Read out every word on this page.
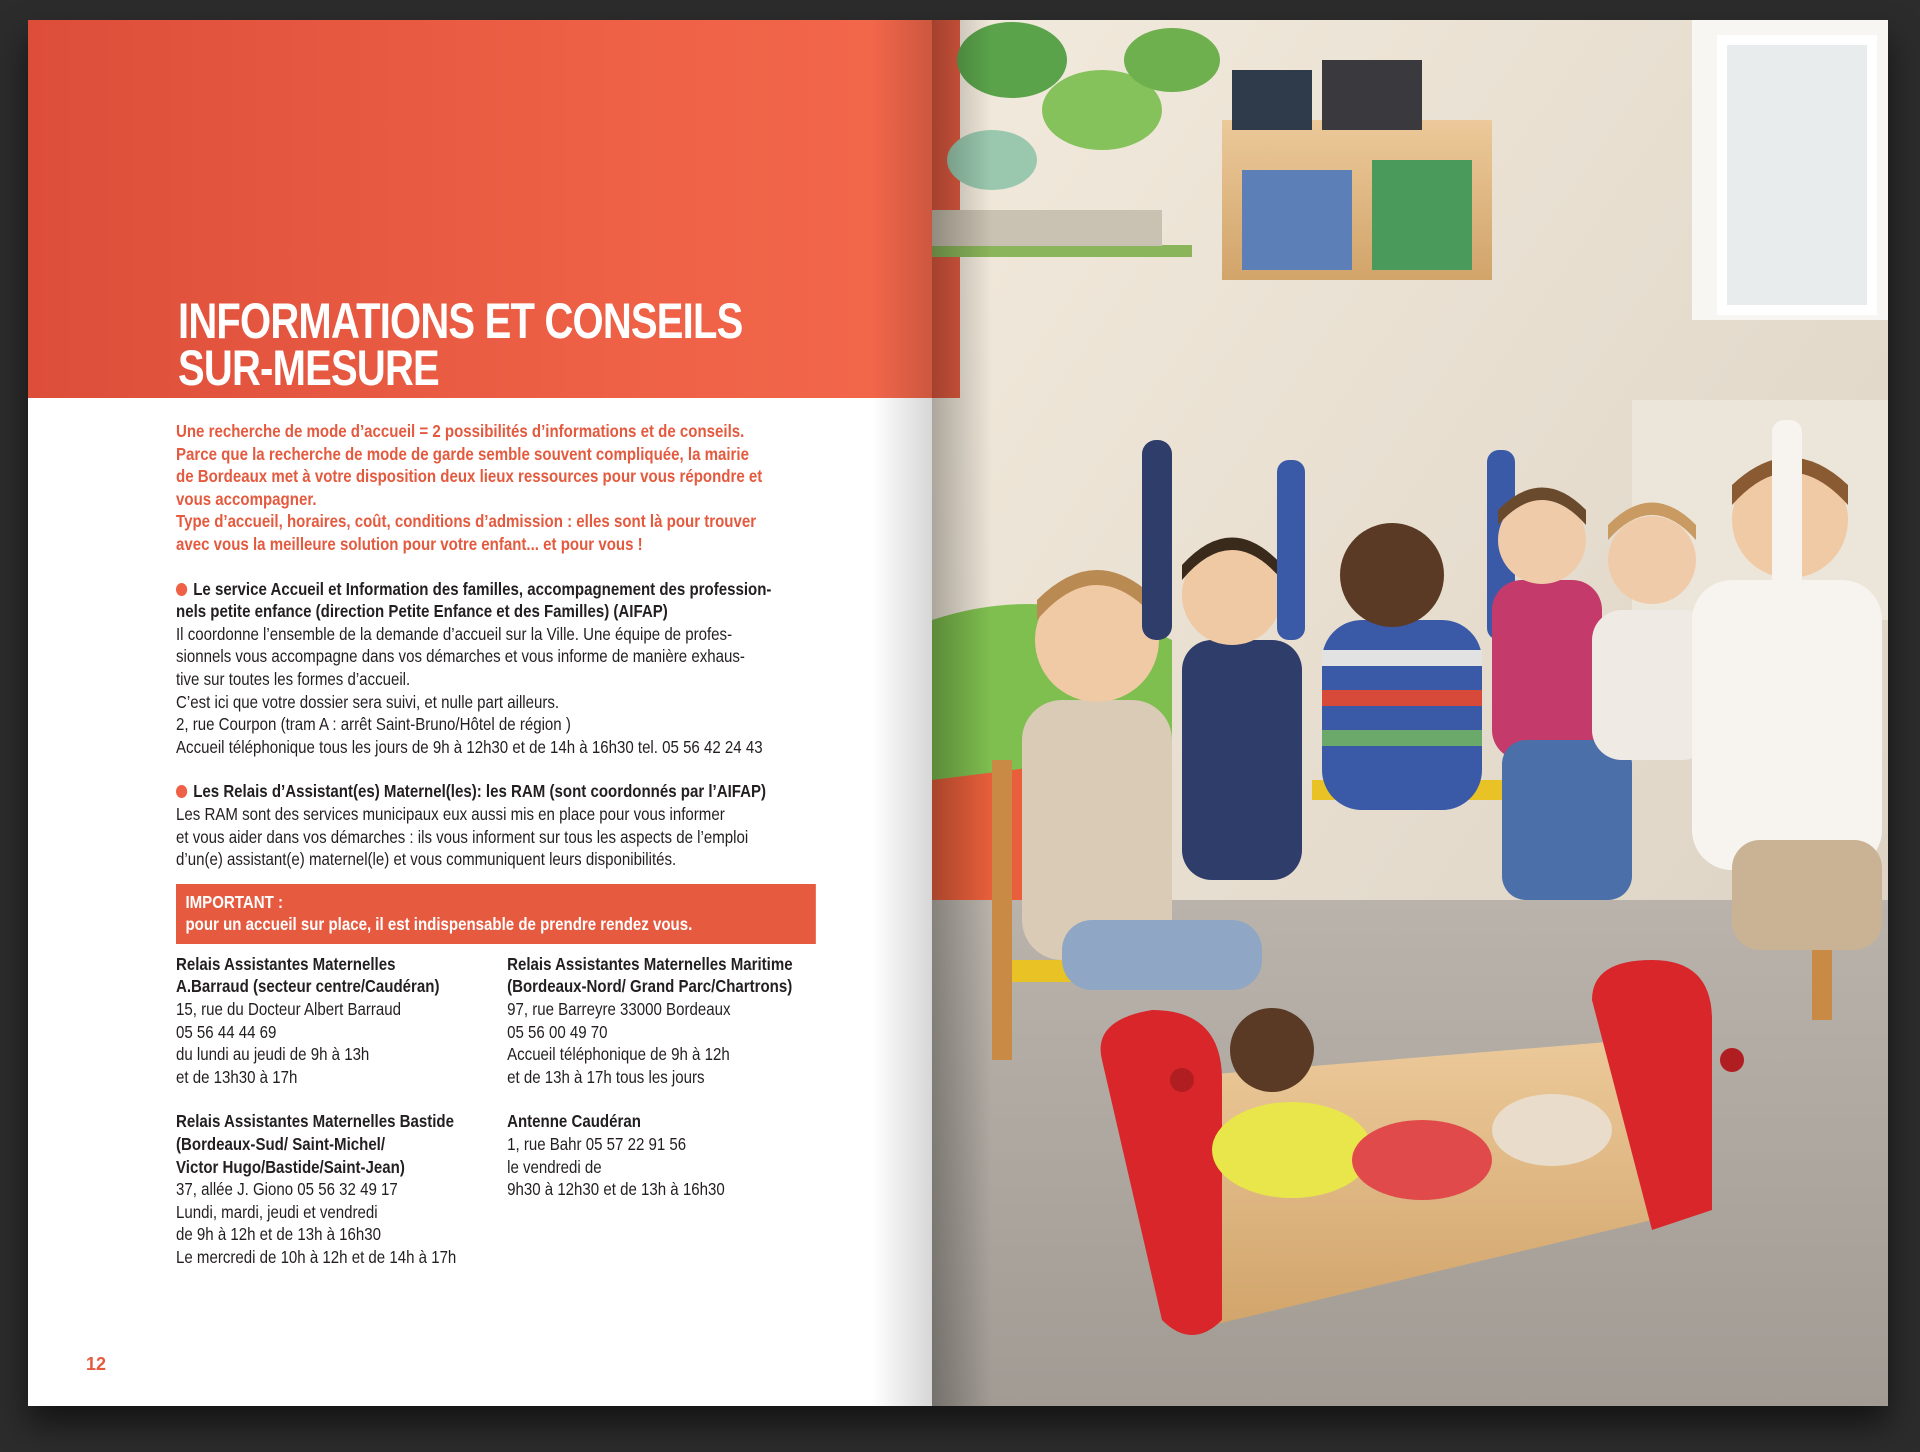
INFORMATIONS ET CONSEILS
SUR-MESURE

Une recherche de mode d’accueil = 2 possibilités d’informations et de conseils.

Parce que la recherche de mode de garde semble souvent compliquée, la mairie

de Bordeaux met à votre disposition deux lieux ressources pour vous répondre et

vous accompagner.

Type d’accueil, horaires, coût, conditions d’admission : elles sont là pour trouver

avec vous la meilleure solution pour votre enfant... et pour vous !

Le service Accueil et Information des familles, accompagnement des profession-

nels petite enfance (direction Petite Enfance et des Familles) (AIFAP)

Il coordonne l’ensemble de la demande d’accueil sur la Ville. Une équipe de profes-

sionnels vous accompagne dans vos démarches et vous informe de manière exhaus-

tive sur toutes les formes d’accueil.

C’est ici que votre dossier sera suivi, et nulle part ailleurs.

2, rue Courpon (tram A : arrêt Saint-Bruno/Hôtel de région )

Accueil téléphonique tous les jours de 9h à 12h30 et de 14h à 16h30 tel. 05 56 42 24 43

Les Relais d’Assistant(es) Maternel(les): les RAM (sont coordonnés par l’AIFAP)

Les RAM sont des services municipaux eux aussi mis en place pour vous informer

et vous aider dans vos démarches : ils vous informent sur tous les aspects de l’emploi

d’un(e) assistant(e) maternel(le) et vous communiquent leurs disponibilités.

IMPORTANT :

pour un accueil sur place, il est indispensable de prendre rendez vous.

Relais Assistantes Maternelles

A.Barraud (secteur centre/Caudéran)

15, rue du Docteur Albert Barraud

05 56 44 44 69

du lundi au jeudi de 9h à 13h

et de 13h30 à 17h

Relais Assistantes Maternelles Maritime

(Bordeaux-Nord/ Grand Parc/Chartrons)

97, rue Barreyre 33000 Bordeaux

05 56 00 49 70

Accueil téléphonique de 9h à 12h

et de 13h à 17h tous les jours

Relais Assistantes Maternelles Bastide

(Bordeaux-Sud/ Saint-Michel/

Victor Hugo/Bastide/Saint-Jean)

37, allée J. Giono 05 56 32 49 17

Lundi, mardi, jeudi et vendredi

de 9h à 12h et de 13h à 16h30

Le mercredi de 10h à 12h et de 14h à 17h

Antenne Caudéran

1, rue Bahr 05 57 22 91 56

le vendredi de

9h30 à 12h30 et de 13h à 16h30

12
